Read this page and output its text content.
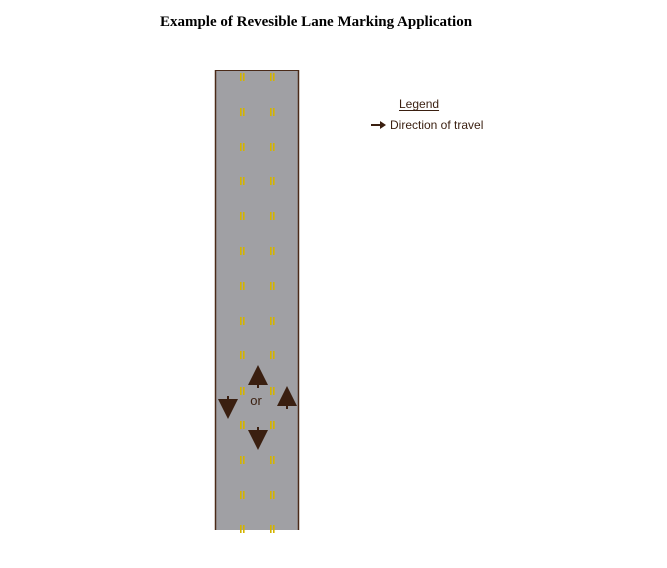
Example of Revesible Lane Marking Application
or
Legend
Direction of travel
